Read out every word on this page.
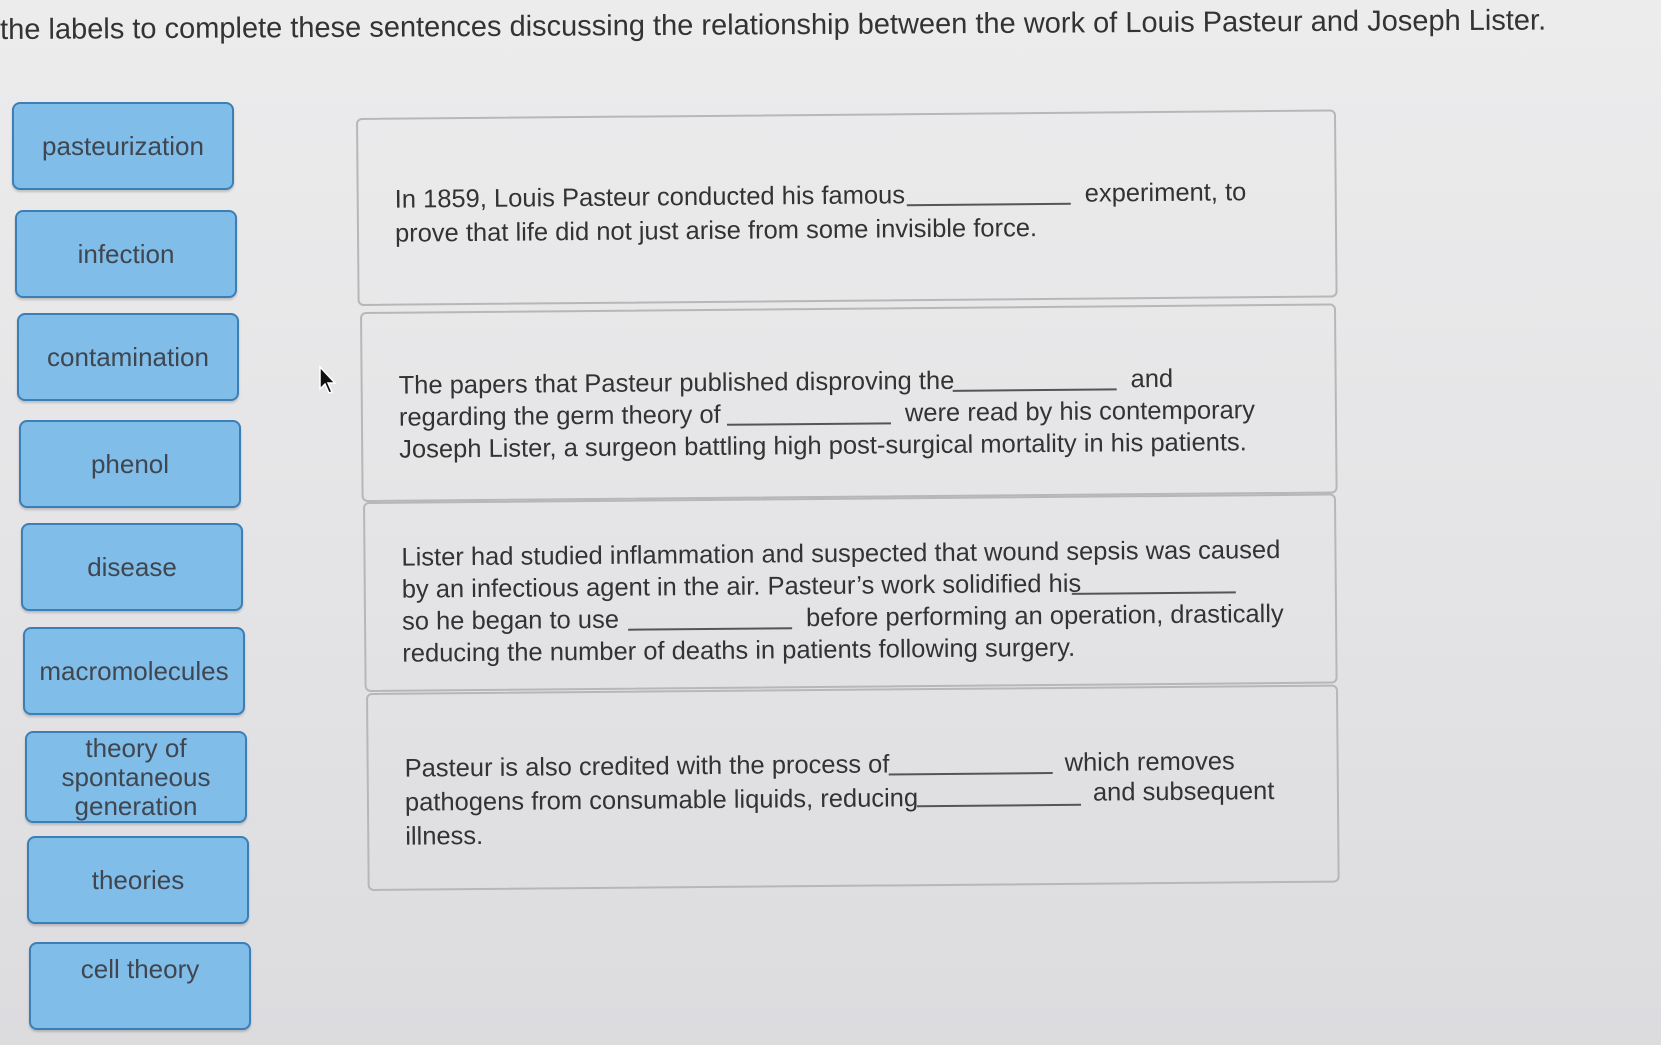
the labels to complete these sentences discussing the relationship between the work of Louis Pasteur and Joseph Lister.
pasteurization
infection
contamination
phenol
disease
macromolecules
theory of spontaneous generation
theories
cell theory
In 1859, Louis Pasteur conducted his famous	experiment, to
prove that life did not just arise from some invisible force.
The papers that Pasteur published disproving the	and
regarding the germ theory of	were read by his contemporary
Joseph Lister, a surgeon battling high post-surgical mortality in his patients.
Lister had studied inflammation and suspected that wound sepsis was caused
by an infectious agent in the air. Pasteur’s work solidified his
so he began to use	before performing an operation, drastically
reducing the number of deaths in patients following surgery.
Pasteur is also credited with the process of	which removes
pathogens from consumable liquids, reducing	and subsequent
illness.
